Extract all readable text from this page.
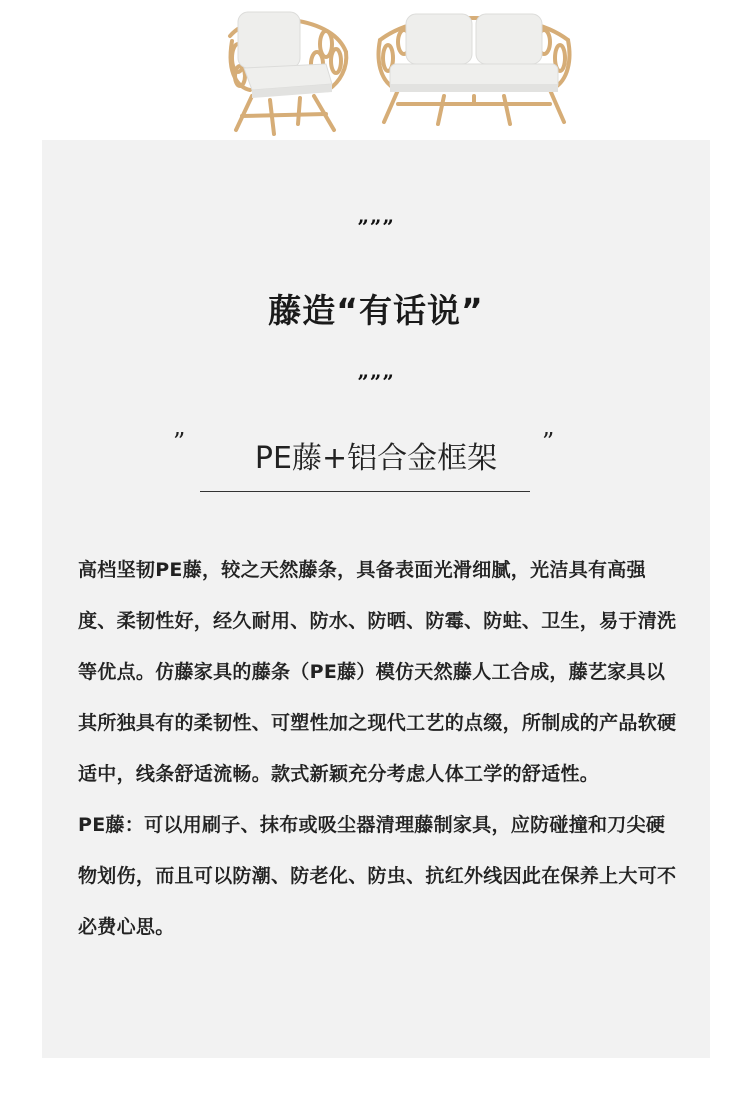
”””
藤造“有话说”
”””
”	PE藤+铝合金框架	”

高档坚韧PE藤，较之天然藤条，具备表面光滑细腻，光洁具有高强度、柔韧性好，经久耐用、防水、防晒、防霉、防蛀、卫生，易于清洗等优点。仿藤家具的藤条（PE藤）模仿天然藤人工合成，藤艺家具以其所独具有的柔韧性、可塑性加之现代工艺的点缀，所制成的产品软硬适中，线条舒适流畅。款式新颖充分考虑人体工学的舒适性。

PE藤：可以用刷子、抹布或吸尘器清理藤制家具，应防碰撞和刀尖硬物划伤，而且可以防潮、防老化、防虫、抗红外线因此在保养上大可不必费心思。
